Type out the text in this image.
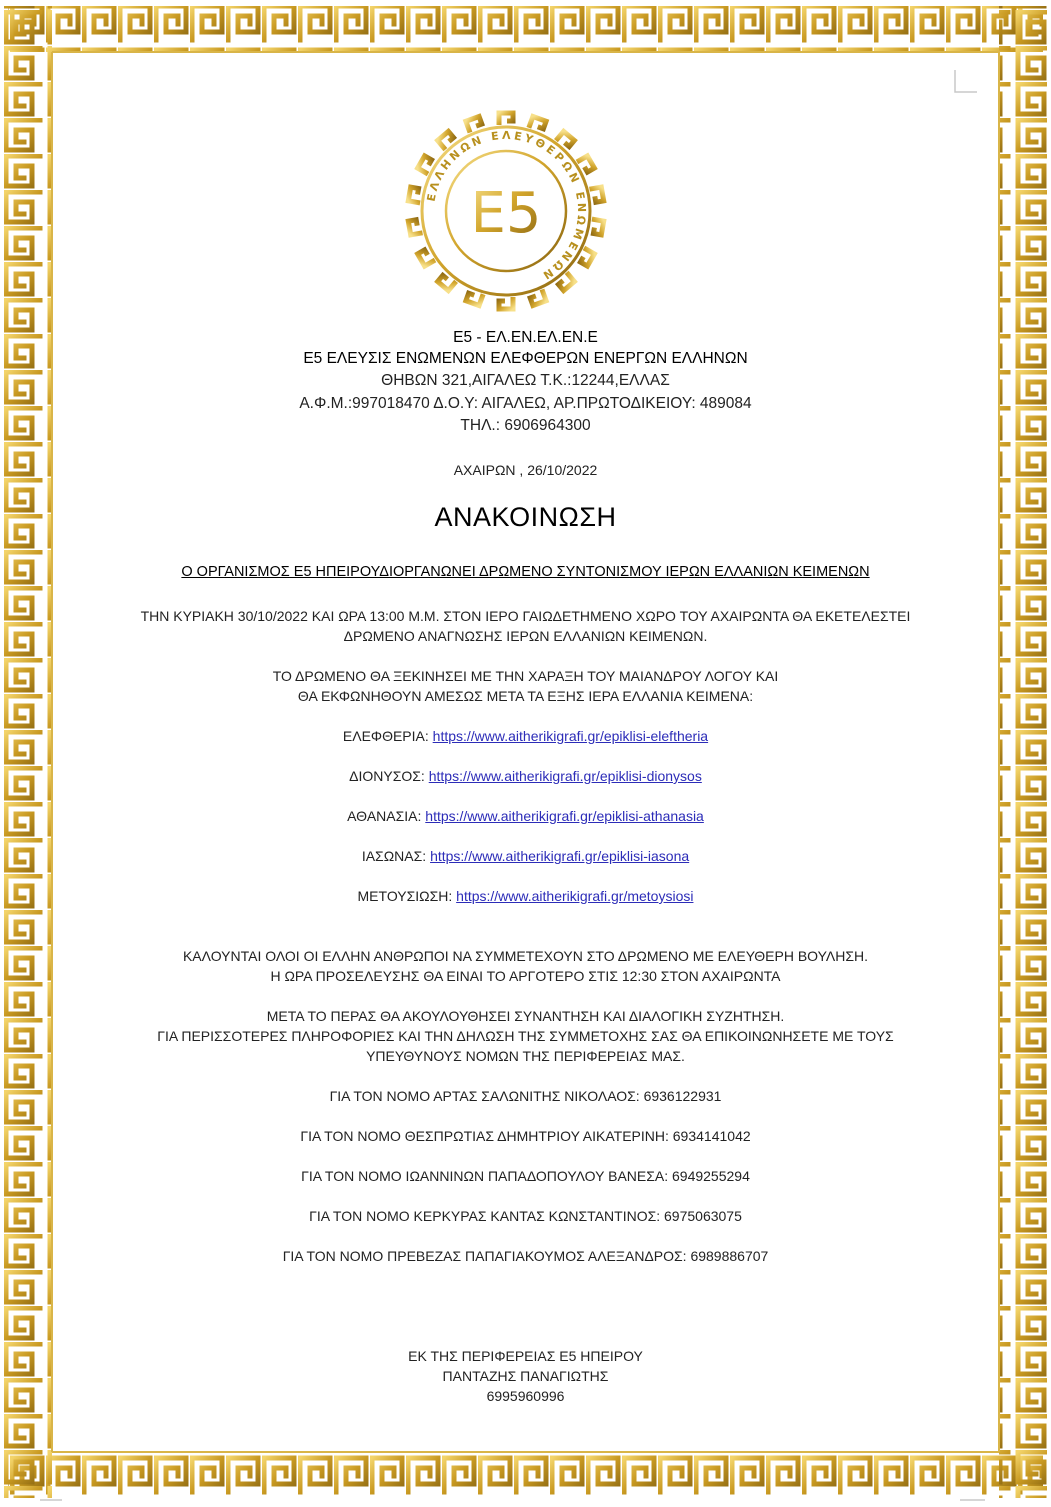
ΕΛΛΗΝΩΝ ΕΛΕΥΘΕΡΩΝ ΕΝΩΜΕΝΩΝ
E5
E5 - ΕΛ.ΕΝ.ΕΛ.ΕΝ.Ε
Ε5 ΕΛΕΥΣΙΣ ΕΝΩΜΕΝΩΝ ΕΛΕΦΘΕΡΩΝ ΕΝΕΡΓΩΝ ΕΛΛΗΝΩΝ
ΘΗΒΩΝ 321,ΑΙΓΑΛΕΩ Τ.Κ.:12244,ΕΛΛΑΣ
Α.Φ.Μ.:997018470 Δ.Ο.Υ: ΑΙΓΑΛΕΩ, ΑΡ.ΠΡΩΤΟΔΙΚΕΙΟΥ: 489084
ΤΗΛ.: 6906964300
ΑΧΑΙΡΩΝ , 26/10/2022
ΑΝΑΚΟΙΝΩΣΗ
Ο ΟΡΓΑΝΙΣΜΟΣ Ε5 ΗΠΕΙΡΟΥΔΙΟΡΓΑΝΩΝΕΙ ΔΡΩΜΕΝΟ ΣΥΝΤΟΝΙΣΜΟΥ ΙΕΡΩΝ ΕΛΛΑΝΙΩΝ ΚΕΙΜΕΝΩΝ
ΤΗΝ ΚΥΡΙΑΚΗ 30/10/2022 ΚΑΙ ΩΡΑ 13:00 Μ.Μ. ΣΤΟΝ ΙΕΡΟ ΓΑΙΩΔΕΤΗΜΕΝΟ ΧΩΡΟ ΤΟΥ ΑΧΑΙΡΩΝΤΑ ΘΑ ΕΚΕΤΕΛΕΣΤΕΙ
ΔΡΩΜΕΝΟ ΑΝΑΓΝΩΣΗΣ ΙΕΡΩΝ ΕΛΛΑΝΙΩΝ ΚΕΙΜΕΝΩΝ.
ΤΟ ΔΡΩΜΕΝΟ ΘΑ ΞΕΚΙΝΗΣΕΙ ΜΕ ΤΗΝ ΧΑΡΑΞΗ ΤΟΥ ΜΑΙΑΝΔΡΟΥ ΛΟΓΟΥ ΚΑΙ
ΘΑ ΕΚΦΩΝΗΘΟΥΝ ΑΜΕΣΩΣ ΜΕΤΑ ΤΑ ΕΞΗΣ ΙΕΡΑ ΕΛΛΑΝΙΑ ΚΕΙΜΕΝΑ:
ΕΛΕΦΘΕΡΙΑ: https://www.aitherikigrafi.gr/epiklisi-eleftheria
ΔΙΟΝΥΣΟΣ: https://www.aitherikigrafi.gr/epiklisi-dionysos
ΑΘΑΝΑΣΙΑ: https://www.aitherikigrafi.gr/epiklisi-athanasia
ΙΑΣΩΝΑΣ: https://www.aitherikigrafi.gr/epiklisi-iasona
ΜΕΤΟΥΣΙΩΣΗ: https://www.aitherikigrafi.gr/metoysiosi
ΚΑΛΟΥΝΤΑΙ ΟΛΟΙ ΟΙ ΕΛΛΗΝ ΑΝΘΡΩΠΟΙ ΝΑ ΣΥΜΜΕΤΕΧΟΥΝ ΣΤΟ ΔΡΩΜΕΝΟ ΜΕ ΕΛΕΥΘΕΡΗ ΒΟΥΛΗΣΗ.
Η ΩΡΑ ΠΡΟΣΕΛΕΥΣΗΣ ΘΑ ΕΙΝΑΙ ΤΟ ΑΡΓΟΤΕΡΟ ΣΤΙΣ 12:30 ΣΤΟΝ ΑΧΑΙΡΩΝΤΑ
ΜΕΤΑ ΤΟ ΠΕΡΑΣ ΘΑ ΑΚΟΥΛΟΥΘΗΣΕΙ ΣΥΝΑΝΤΗΣΗ ΚΑΙ ΔΙΑΛΟΓΙΚΗ ΣΥΖΗΤΗΣΗ.
ΓΙΑ ΠΕΡΙΣΣΟΤΕΡΕΣ ΠΛΗΡΟΦΟΡΙΕΣ ΚΑΙ ΤΗΝ ΔΗΛΩΣΗ ΤΗΣ ΣΥΜΜΕΤΟΧΗΣ ΣΑΣ ΘΑ ΕΠΙΚΟΙΝΩΝΗΣΕΤΕ ΜΕ ΤΟΥΣ
ΥΠΕΥΘΥΝΟΥΣ ΝΟΜΩΝ ΤΗΣ ΠΕΡΙΦΕΡΕΙΑΣ ΜΑΣ.
ΓΙΑ ΤΟΝ ΝΟΜΟ ΑΡΤΑΣ ΣΑΛΩΝΙΤΗΣ ΝΙΚΟΛΑΟΣ: 6936122931
ΓΙΑ ΤΟΝ ΝΟΜΟ ΘΕΣΠΡΩΤΙΑΣ ΔΗΜΗΤΡΙΟΥ ΑΙΚΑΤΕΡΙΝΗ: 6934141042
ΓΙΑ ΤΟΝ ΝΟΜΟ ΙΩΑΝΝΙΝΩΝ ΠΑΠΑΔΟΠΟΥΛΟΥ ΒΑΝΕΣΑ: 6949255294
ΓΙΑ ΤΟΝ ΝΟΜΟ ΚΕΡΚΥΡΑΣ ΚΑΝΤΑΣ ΚΩΝΣΤΑΝΤΙΝΟΣ: 6975063075
ΓΙΑ ΤΟΝ ΝΟΜΟ ΠΡΕΒΕΖΑΣ ΠΑΠΑΓΙΑΚΟΥΜΟΣ ΑΛΕΞΑΝΔΡΟΣ: 6989886707
ΕΚ ΤΗΣ ΠΕΡΙΦΕΡΕΙΑΣ Ε5 ΗΠΕΙΡΟΥ
ΠΑΝΤΑΖΗΣ ΠΑΝΑΓΙΩΤΗΣ
6995960996
